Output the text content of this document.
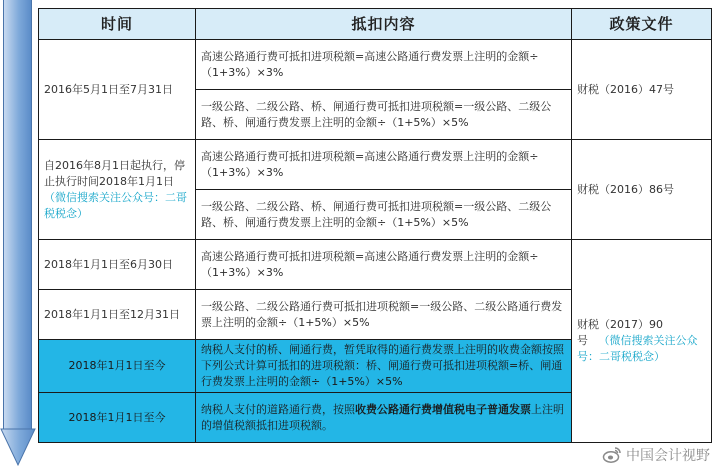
时间	抵扣内容	政策文件
2016年5月1日至7月31日	高速公路通行费可抵扣进项税额=高速公路通行费发票上注明的金额÷（1+3%）×3%	财税（2016）47号
	一级公路、二级公路、桥、闸通行费可抵扣进项税额=一级公路、二级公路、桥、闸通行费发票上注明的金额÷（1+5%）×5%	
自2016年8月1日起执行，停止执行时间2018年1月1日
（微信搜索关注公众号：二哥税税念）	高速公路通行费可抵扣进项税额=高速公路通行费发票上注明的金额÷（1+3%）×3%	财税（2016）86号
	一级公路、二级公路、桥、闸通行费可抵扣进项税额=一级公路、二级公路、桥、闸通行费发票上注明的金额÷（1+5%）×5%	
2018年1月1日至6月30日	高速公路通行费可抵扣进项税额=高速公路通行费发票上注明的金额÷（1+3%）×3%	财税（2017）90号 （微信搜索关注公众号：二哥税税念）
2018年1月1日至12月31日	一级公路、二级公路通行费可抵扣进项税额=一级公路、二级公路通行费发票上注明的金额÷（1+5%）×5%	
2018年1月1日至今	纳税人支付的桥、闸通行费，暂凭取得的通行费发票上注明的收费金额按照下列公式计算可抵扣的进项税额：桥、闸通行费可抵扣进项税额=桥、闸通行费发票上注明的金额÷（1+5%）×5%	
2018年1月1日至今	纳税人支付的道路通行费，按照收费公路通行费增值税电子普通发票上注明的增值税额抵扣进项税额。	
中国会计视野
